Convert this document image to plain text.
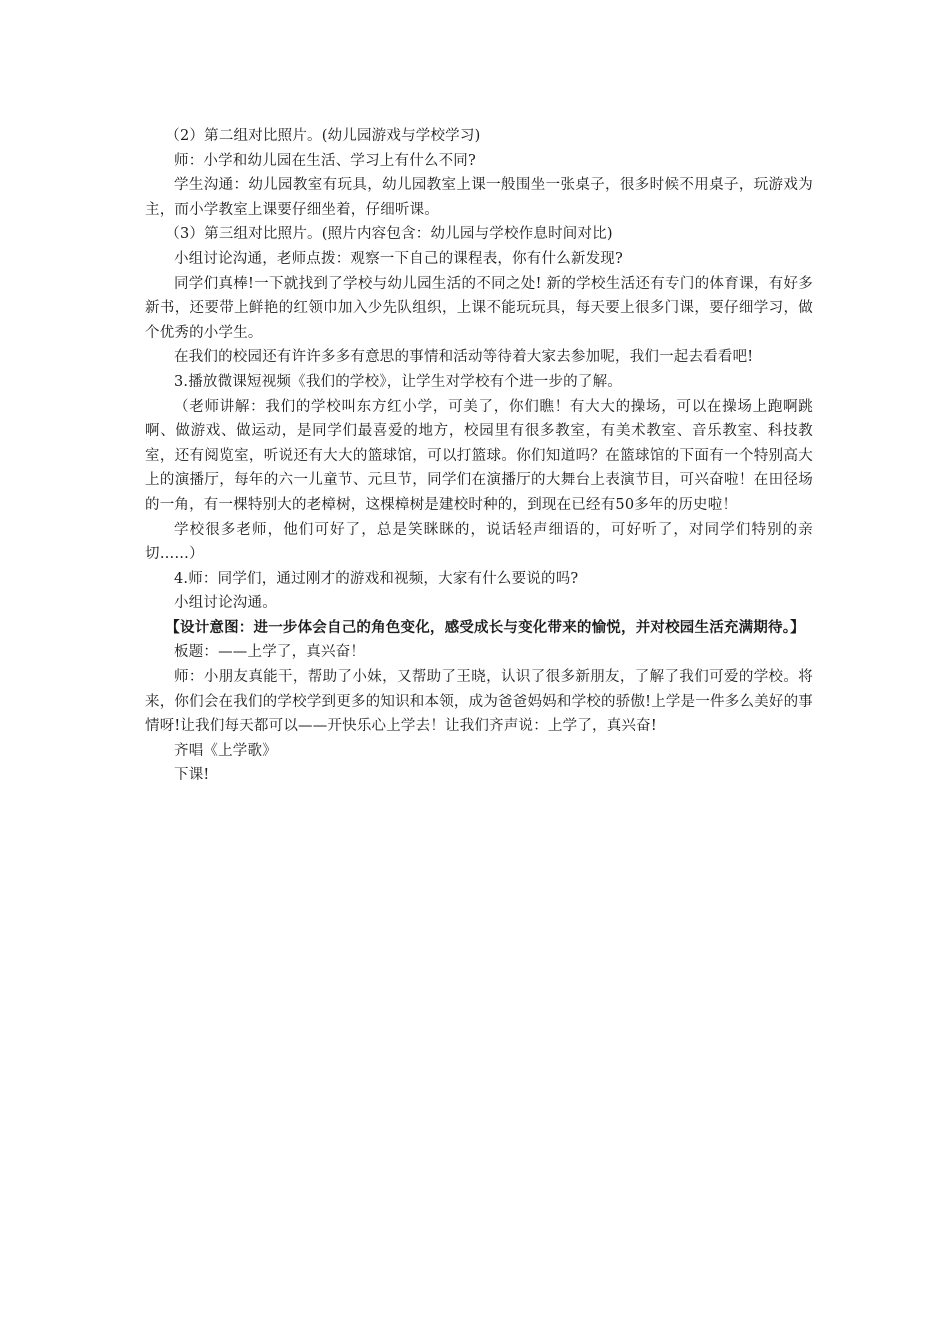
（2）第二组对比照片。(幼儿园游戏与学校学习)

师：小学和幼儿园在生活、学习上有什么不同?

学生沟通：幼儿园教室有玩具，幼儿园教室上课一般围坐一张桌子，很多时候不用桌子，玩游戏为主，而小学教室上课要仔细坐着，仔细听课。

（3）第三组对比照片。(照片内容包含：幼儿园与学校作息时间对比)

小组讨论沟通，老师点拨：观察一下自己的课程表，你有什么新发现?

同学们真棒!一下就找到了学校与幼儿园生活的不同之处! 新的学校生活还有专门的体育课，有好多新书，还要带上鲜艳的红领巾加入少先队组织，上课不能玩玩具，每天要上很多门课，要仔细学习，做个优秀的小学生。

在我们的校园还有许许多多有意思的事情和活动等待着大家去参加呢，我们一起去看看吧!

3.播放微课短视频《我们的学校》，让学生对学校有个进一步的了解。

（老师讲解：我们的学校叫东方红小学，可美了，你们瞧！有大大的操场，可以在操场上跑啊跳啊、做游戏、做运动，是同学们最喜爱的地方，校园里有很多教室，有美术教室、音乐教室、科技教室，还有阅览室，听说还有大大的篮球馆，可以打篮球。你们知道吗？在篮球馆的下面有一个特别高大上的演播厅，每年的六一儿童节、元旦节，同学们在演播厅的大舞台上表演节目，可兴奋啦！在田径场的一角，有一棵特别大的老樟树，这棵樟树是建校时种的，到现在已经有50多年的历史啦！

学校很多老师，他们可好了，总是笑眯眯的，说话轻声细语的，可好听了，对同学们特别的亲切……）

4.师：同学们，通过刚才的游戏和视频，大家有什么要说的吗?

小组讨论沟通。

【设计意图：进一步体会自己的角色变化，感受成长与变化带来的愉悦，并对校园生活充满期待。】

板题：——上学了，真兴奋！

师：小朋友真能干，帮助了小妹，又帮助了王晓，认识了很多新朋友，了解了我们可爱的学校。将来，你们会在我们的学校学到更多的知识和本领，成为爸爸妈妈和学校的骄傲!上学是一件多么美好的事情呀!让我们每天都可以——开快乐心上学去！让我们齐声说：上学了，真兴奋!

齐唱《上学歌》

下课!
